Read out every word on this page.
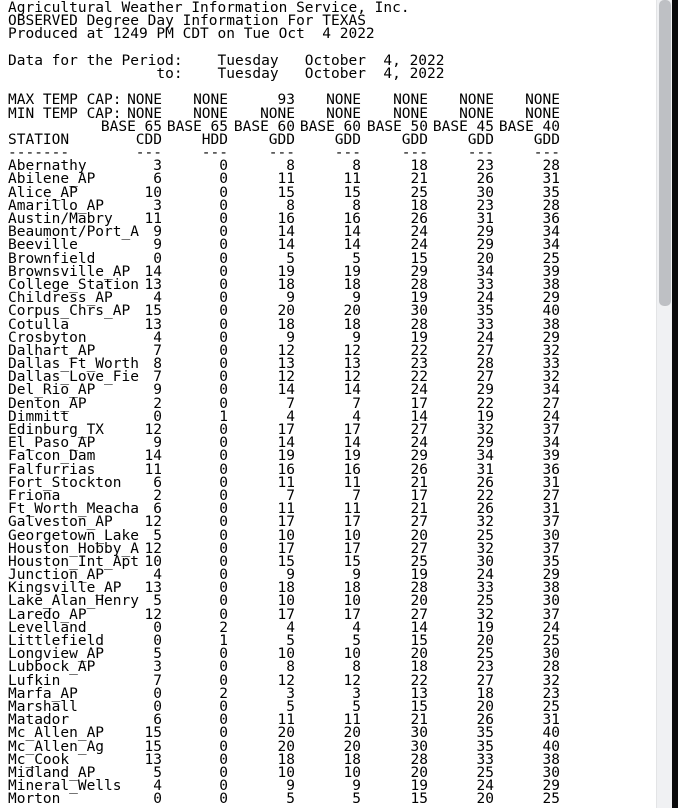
Agricultural Weather Information Service, Inc.
OBSERVED Degree Day Information For TEXAS
Produced at 1249 PM CDT on Tue Oct  4 2022
Data for the Period:    Tuesday   October  4, 2022
to:    Tuesday   October  4, 2022
MAX TEMP CAP: NONE	NONE	93	NONE	NONE	NONE	NONE
MIN TEMP CAP: NONE	NONE	NONE	NONE	NONE	NONE	NONE
BASE 65 BASE 65 BASE 60 BASE 60 BASE 50 BASE 45 BASE 40
STATION	CDD	HDD	GDD	GDD	GDD	GDD	GDD
-------	---	---	---	---	---	---	---
Abernathy	3	0	8	8	18	23	28
Abilene_AP	6	0	11	11	21	26	31
Alice_AP	10	0	15	15	25	30	35
Amarillo_AP	3	0	8	8	18	23	28
Austin/Mabry	11	0	16	16	26	31	36
Beaumont/Port_A 9	0	14	14	24	29	34
Beeville	9	0	14	14	24	29	34
Brownfield	0	0	5	5	15	20	25
Brownsville_AP 14	0	19	19	29	34	39
College_Station 13	0	18	18	28	33	38
Childress_AP	4	0	9	9	19	24	29
Corpus_Chrs_AP 15	0	20	20	30	35	40
Cotulla	13	0	18	18	28	33	38
Crosbyton	4	0	9	9	19	24	29
Dalhart_AP	7	0	12	12	22	27	32
Dallas_Ft_Worth 8	0	13	13	23	28	33
Dallas_Love_Fie 7	0	12	12	22	27	32
Del_Rio_AP	9	0	14	14	24	29	34
Denton_AP	2	0	7	7	17	22	27
Dimmitt	0	1	4	4	14	19	24
Edinburg_TX	12	0	17	17	27	32	37
El_Paso_AP	9	0	14	14	24	29	34
Falcon_Dam	14	0	19	19	29	34	39
Falfurrias	11	0	16	16	26	31	36
Fort_Stockton	6	0	11	11	21	26	31
Friona	2	0	7	7	17	22	27
Ft_Worth_Meacha 6	0	11	11	21	26	31
Galveston_AP	12	0	17	17	27	32	37
Georgetown_Lake 5	0	10	10	20	25	30
Houston_Hobby_A 12	0	17	17	27	32	37
Houston_Int_Apt 10	0	15	15	25	30	35
Junction_AP	4	0	9	9	19	24	29
Kingsville_AP	13	0	18	18	28	33	38
Lake_Alan_Henry 5	0	10	10	20	25	30
Laredo_AP	12	0	17	17	27	32	37
Levelland	0	2	4	4	14	19	24
Littlefield	0	1	5	5	15	20	25
Longview_AP	5	0	10	10	20	25	30
Lubbock_AP	3	0	8	8	18	23	28
Lufkin	7	0	12	12	22	27	32
Marfa_AP	0	2	3	3	13	18	23
Marshall	0	0	5	5	15	20	25
Matador	6	0	11	11	21	26	31
Mc_Allen_AP	15	0	20	20	30	35	40
Mc_Allen_Ag	15	0	20	20	30	35	40
Mc_Cook	13	0	18	18	28	33	38
Midland_AP	5	0	10	10	20	25	30
Mineral_Wells	4	0	9	9	19	24	29
Morton	0	0	5	5	15	20	25
